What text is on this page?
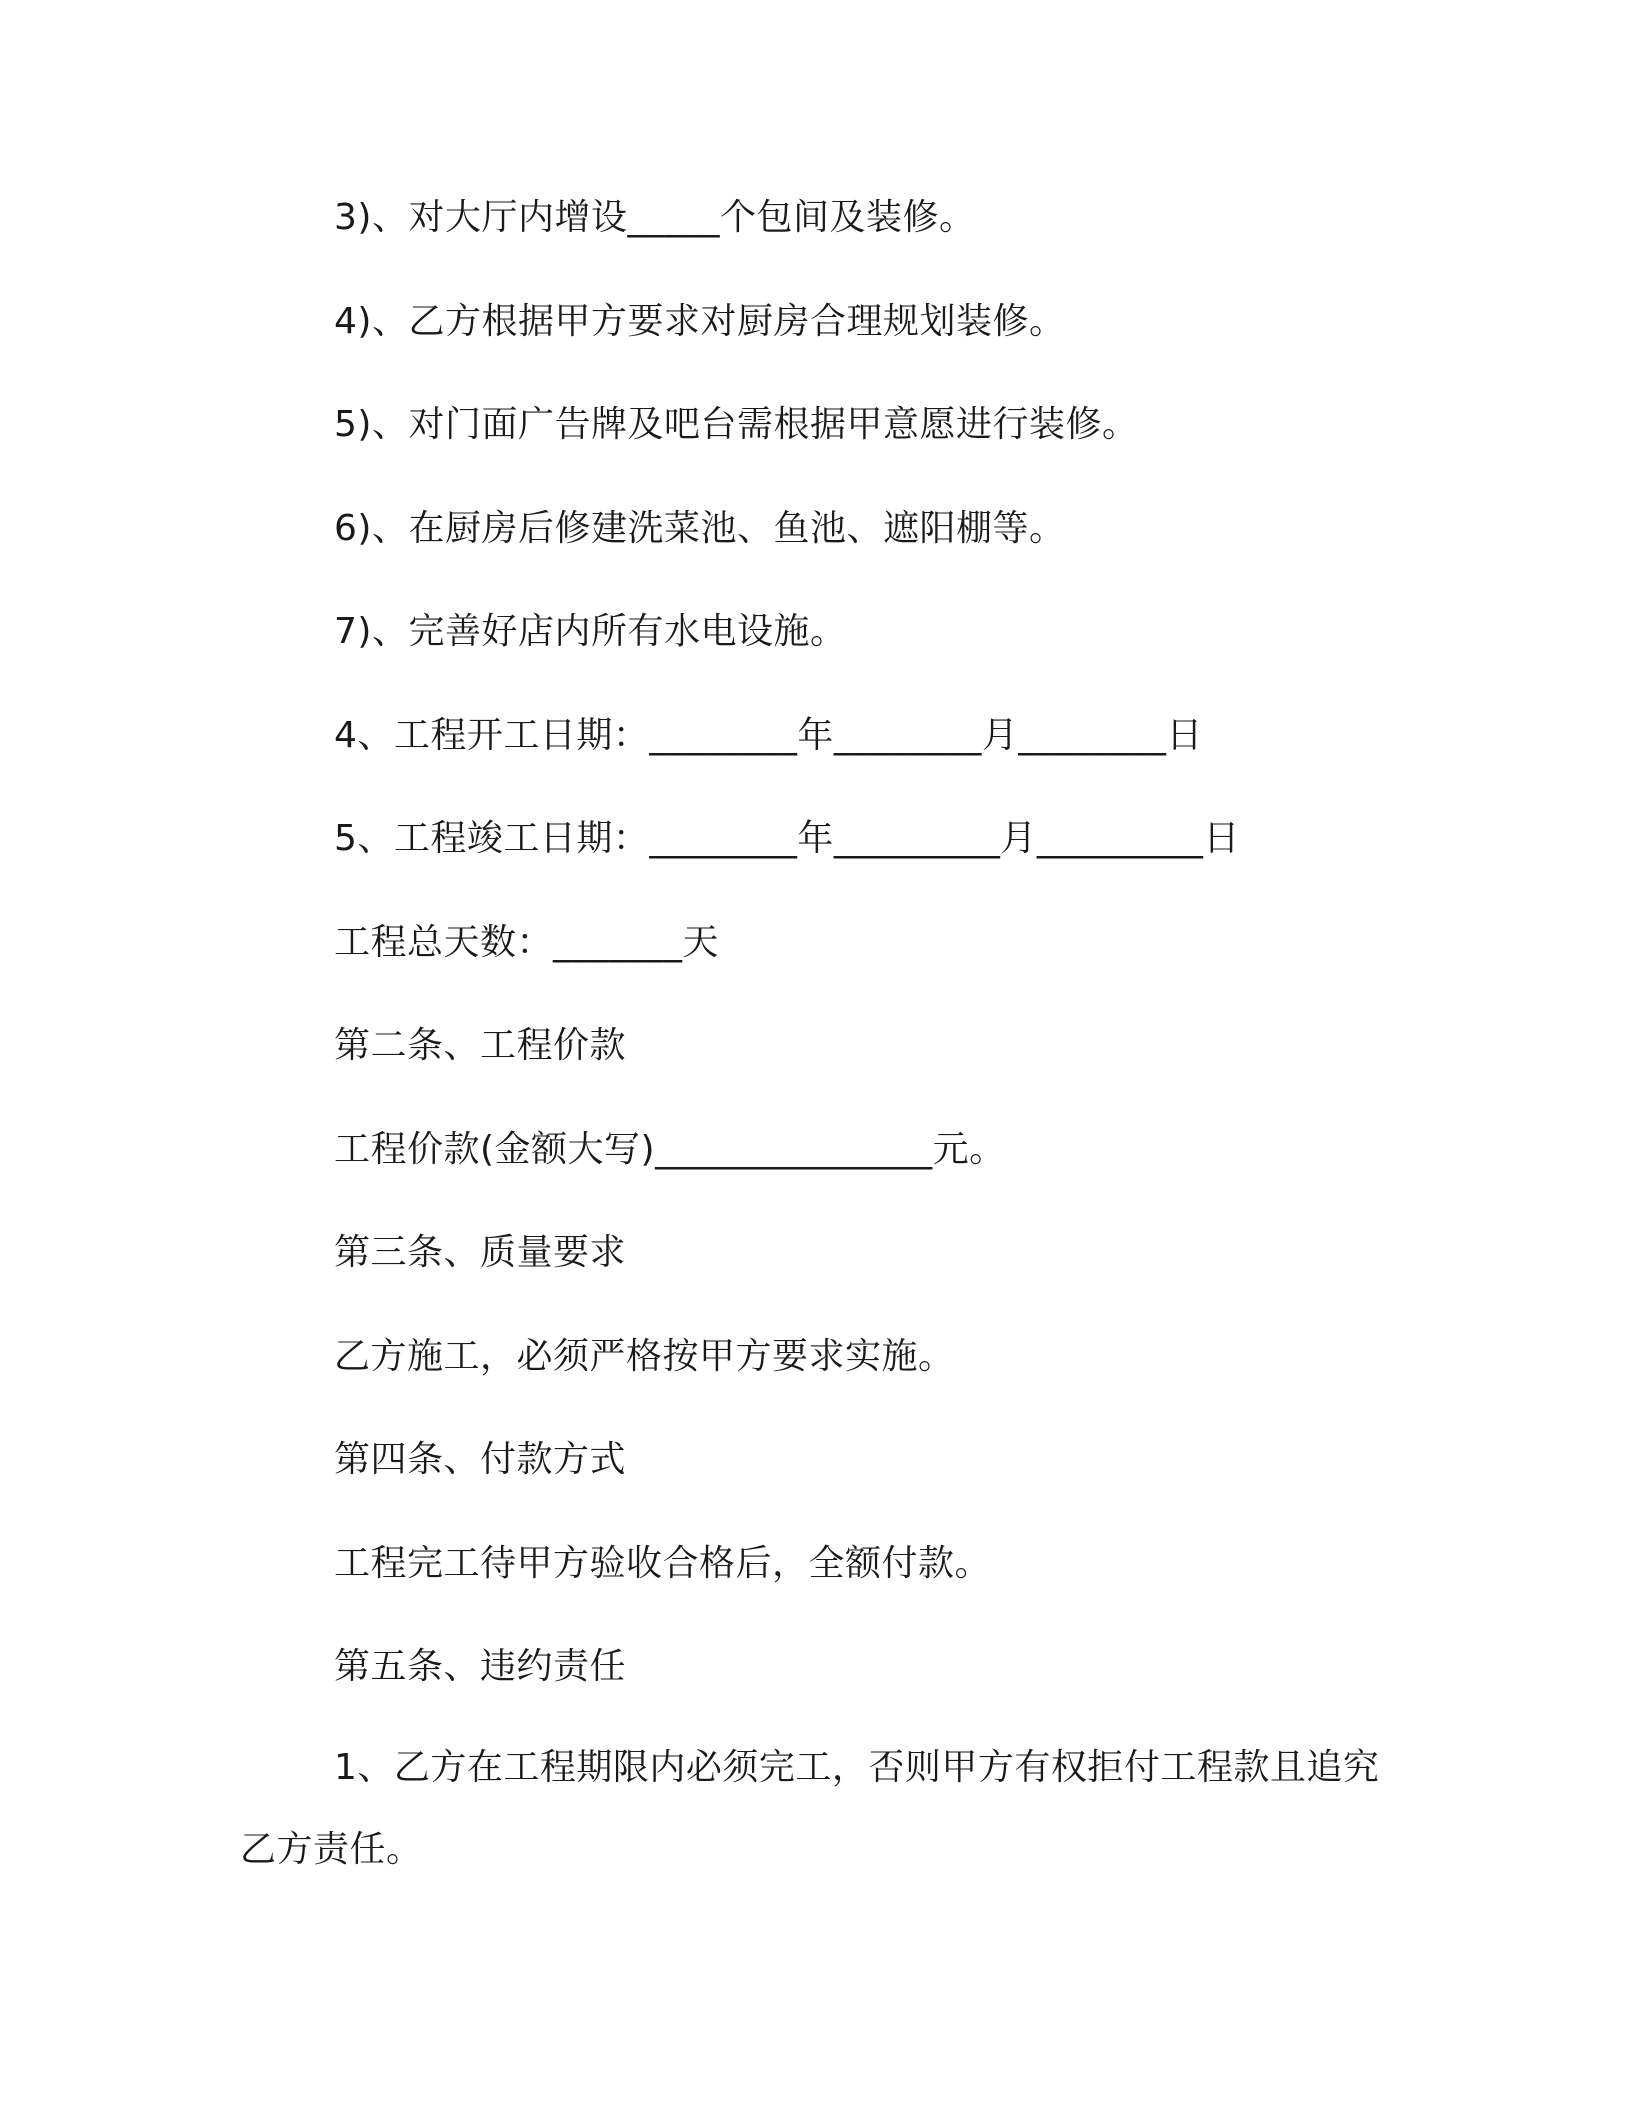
3)、对大厅内增设_____个包间及装修。
4)、乙方根据甲方要求对厨房合理规划装修。
5)、对门面广告牌及吧台需根据甲意愿进行装修。
6)、在厨房后修建洗菜池、鱼池、遮阳棚等。
7)、完善好店内所有水电设施。
4、工程开工日期：________年________月________日
5、工程竣工日期：________年_________月_________日
工程总天数：_______天
第二条、工程价款
工程价款(金额大写)_______________元。
第三条、质量要求
乙方施工，必须严格按甲方要求实施。
第四条、付款方式
工程完工待甲方验收合格后，全额付款。
第五条、违约责任
1、乙方在工程期限内必须完工，否则甲方有权拒付工程款且追究乙方责任。
